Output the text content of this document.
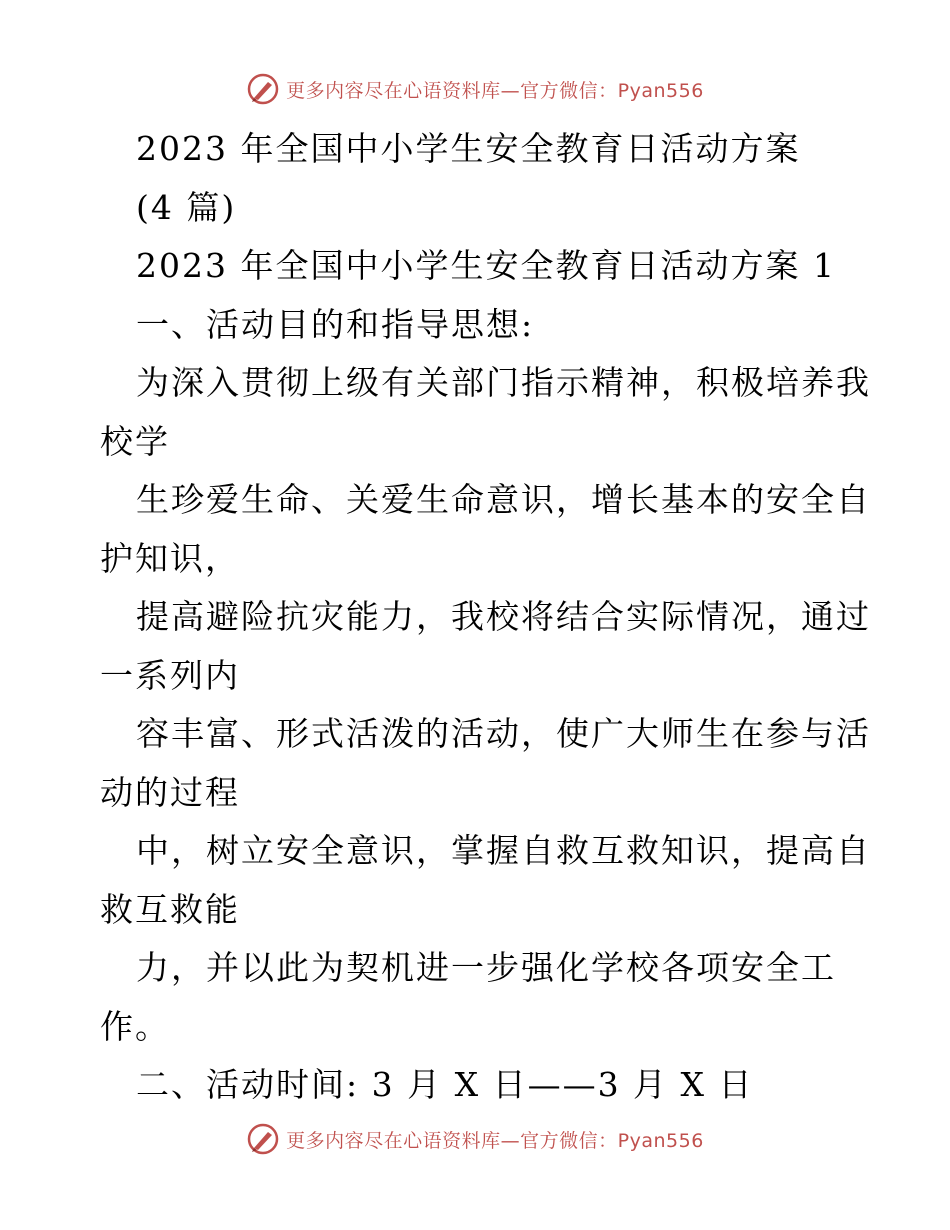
更多内容尽在心语资料库—官方微信：Pyan556
2023 年全国中小学生安全教育日活动方案
(4 篇)
2023 年全国中小学生安全教育日活动方案 1
一、活动目的和指导思想:
为深入贯彻上级有关部门指示精神，积极培养我
校学
生珍爱生命、关爱生命意识，增长基本的安全自
护知识，
提高避险抗灾能力，我校将结合实际情况，通过
一系列内
容丰富、形式活泼的活动，使广大师生在参与活
动的过程
中，树立安全意识，掌握自救互救知识，提高自
救互救能
力，并以此为契机进一步强化学校各项安全工
作。
二、活动时间: 3 月 X 日——3 月 X 日
更多内容尽在心语资料库—官方微信：Pyan556
